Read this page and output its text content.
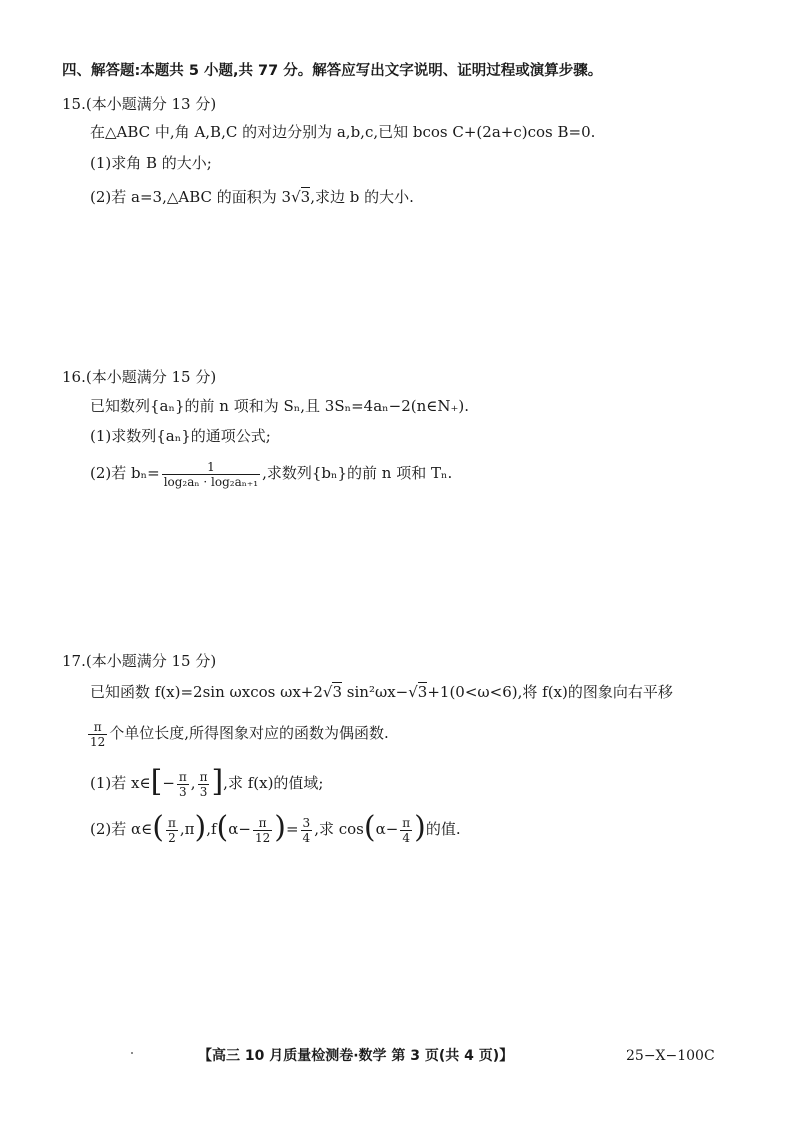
四、解答题:本题共 5 小题,共 77 分。解答应写出文字说明、证明过程或演算步骤。
15.(本小题满分 13 分)
在△ABC 中,角 A,B,C 的对边分别为 a,b,c,已知 bcos C+(2a+c)cos B=0.
(1)求角 B 的大小;
(2)若 a=3,△ABC 的面积为 3√3,求边 b 的大小.
16.(本小题满分 15 分)
已知数列{aₙ}的前 n 项和为 Sₙ,且 3Sₙ=4aₙ−2(n∈N₊).
(1)求数列{aₙ}的通项公式;
(2)若 $b_n= \frac{1}{\text{log₂aₙ · log₂aₙ₊₁}}$ ,求数列{bₙ}的前 n 项和 Tₙ.
17.(本小题满分 15 分)
已知函数 f(x)=2sin ωxcos ωx+2√3 sin²ωx−√3+1(0<ω<6),将 f(x)的图象向右平移
$\frac{\pi}{12}$ 个单位长度,所得图象对应的函数为偶函数.
(1)若 x∈[− $\frac{\pi}{3}$ , $\frac{\pi}{3}$ ],求 f(x)的值域;
(2)若 α∈( $\frac{\pi}{2} ,\pi),f(\alpha- \frac{\pi}{12}$ )= $\frac{3}{4}$ ,求 $\cos(\alpha- \frac{\pi}{4}$ )的值.
【高三 10 月质量检测卷·数学 第 3 页(共 4 页)】	25−X−100C
